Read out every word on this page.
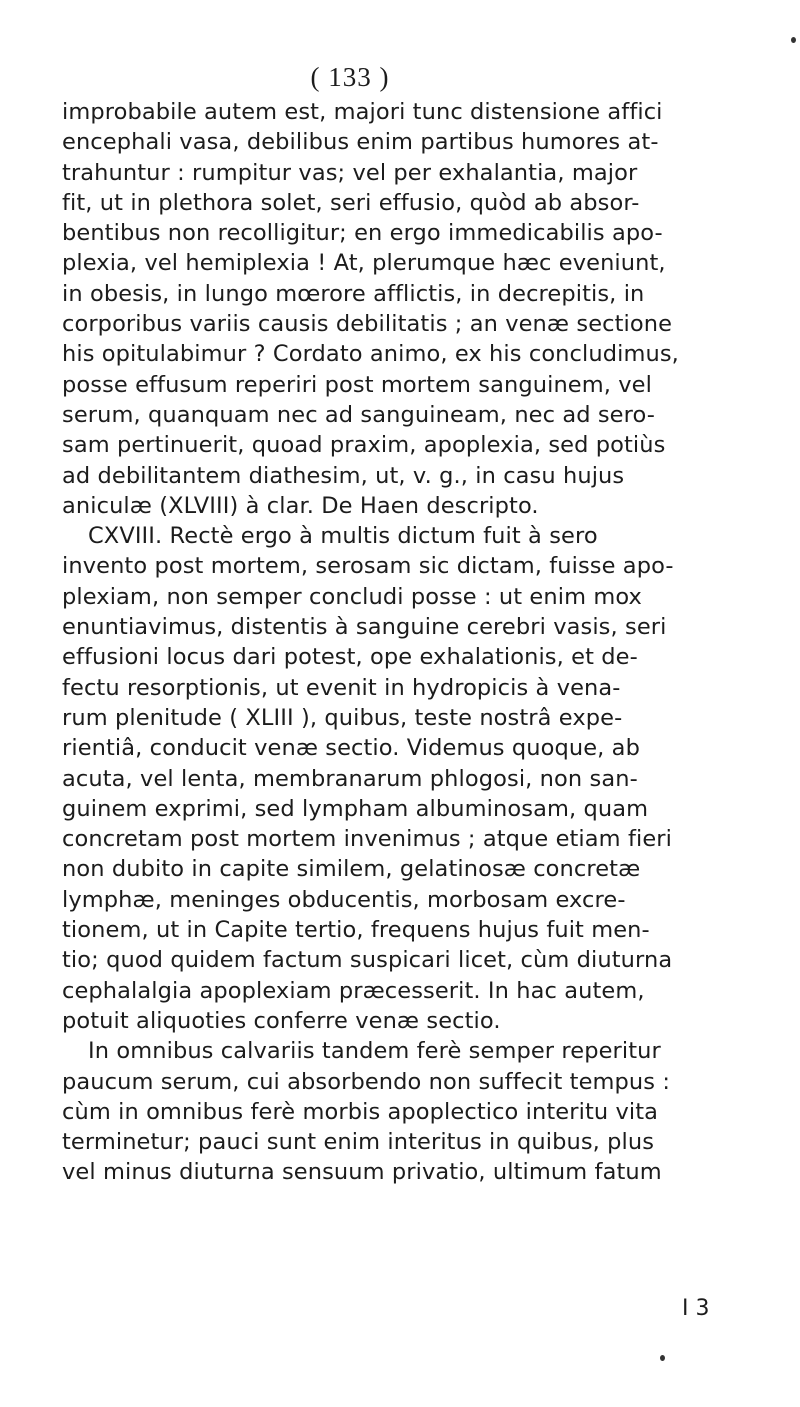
( 133 )
improbabile autem est, majori tunc distensione affici
encephali vasa, debilibus enim partibus humores at-
trahuntur : rumpitur vas; vel per exhalantia, major
fit, ut in plethora solet, seri effusio, quòd ab absor-
bentibus non recolligitur; en ergo immedicabilis apo-
plexia, vel hemiplexia ! At, plerumque hæc eveniunt,
in obesis, in lungo mœrore afflictis, in decrepitis, in
corporibus variis causis debilitatis ; an venæ sectione
his opitulabimur ? Cordato animo, ex his concludimus,
posse effusum reperiri post mortem sanguinem, vel
serum, quanquam nec ad sanguineam, nec ad sero-
sam pertinuerit, quoad praxim, apoplexia, sed potiùs
ad debilitantem diathesim, ut, v. g., in casu hujus
aniculæ (XLVIII) à clar. De Haen descripto.
CXVIII. Rectè ergo à multis dictum fuit à sero
invento post mortem, serosam sic dictam, fuisse apo-
plexiam, non semper concludi posse : ut enim mox
enuntiavimus, distentis à sanguine cerebri vasis, seri
effusioni locus dari potest, ope exhalationis, et de-
fectu resorptionis, ut evenit in hydropicis à vena-
rum plenitude ( XLIII ), quibus, teste nostrâ expe-
rientiâ, conducit venæ sectio. Videmus quoque, ab
acuta, vel lenta, membranarum phlogosi, non san-
guinem exprimi, sed lympham albuminosam, quam
concretam post mortem invenimus ; atque etiam fieri
non dubito in capite similem, gelatinosæ concretæ
lymphæ, meninges obducentis, morbosam excre-
tionem, ut in Capite tertio, frequens hujus fuit men-
tio; quod quidem factum suspicari licet, cùm diuturna
cephalalgia apoplexiam præcesserit. In hac autem,
potuit aliquoties conferre venæ sectio.
In omnibus calvariis tandem ferè semper reperitur
paucum serum, cui absorbendo non suffecit tempus :
cùm in omnibus ferè morbis apoplectico interitu vita
terminetur; pauci sunt enim interitus in quibus, plus
vel minus diuturna sensuum privatio, ultimum fatum
I 3
